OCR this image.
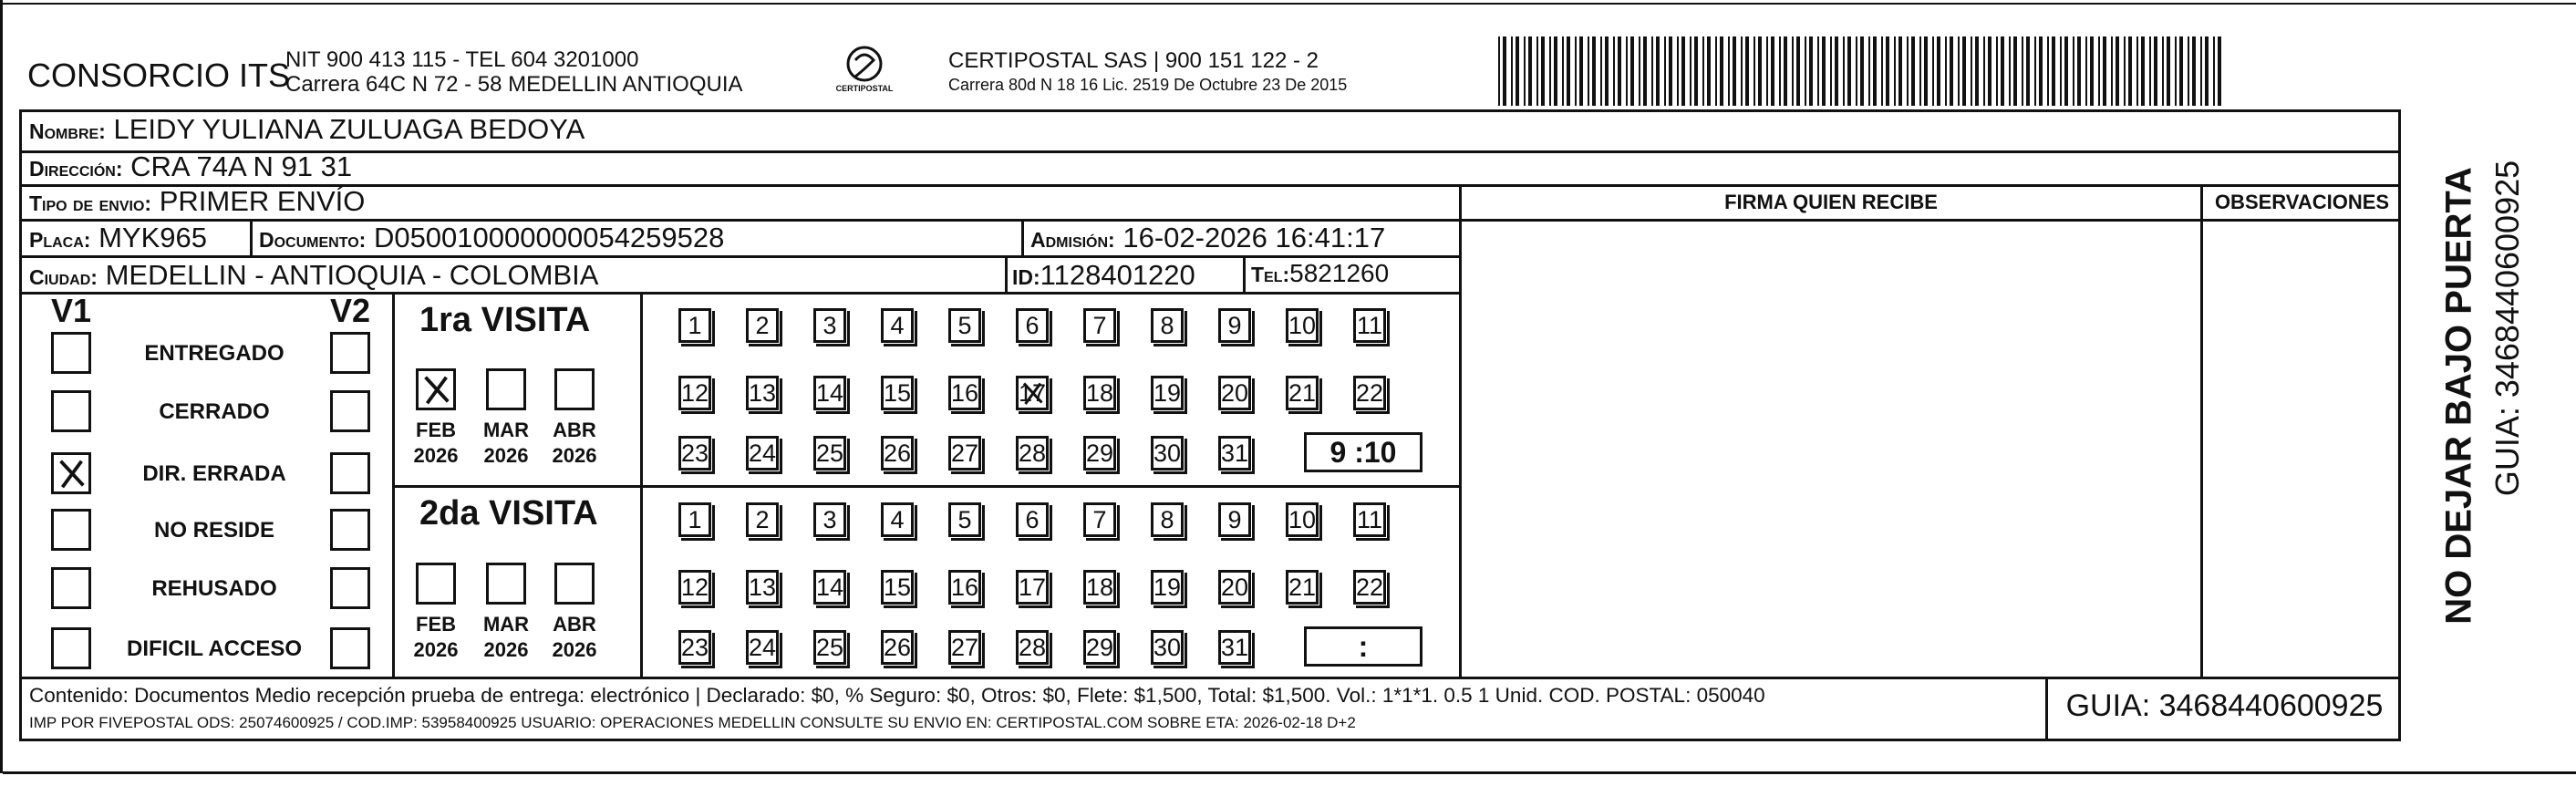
CONSORCIO ITS
NIT 900 413 115 - TEL 604 3201000
Carrera 64C N 72 - 58 MEDELLIN ANTIOQUIA	CERTIPOSTAL
CERTIPOSTAL SAS | 900 151 122 - 2
Carrera 80d N 18 16 Lic. 2519 De Octubre 23 De 2015
Nombre: LEIDY YULIANA ZULUAGA BEDOYA
Dirección: CRA 74A N 91 31
Tipo de envio: PRIMER ENVÍO	FIRMA QUIEN RECIBE	OBSERVACIONES
Placa: MYK965 Documento: D050010000000054259528	Admisión: 16-02-2026 16:41:17
Ciudad: MEDELLIN - ANTIOQUIA - COLOMBIA	ID:1128401220	Tel:5821260
V1	V2
ENTREGADO
CERRADO
DIR. ERRADA
NO RESIDE
REHUSADO
DIFICIL ACCESO
1ra VISITA
2da VISITA
FEB
2026
MAR
2026
ABR
2026
1	2	3	4	5	6	7	8	9	10 11
12 13 14 15 16 17 18 19 20 21 22
23 24 25 26 27 28 29 30 31	9 :10
FEB
2026
MAR
2026
ABR
2026
1	2	3	4	5	6	7	8	9	10 11
12 13 14 15 16 17 18 19 20 21 22
23 24 25 26 27 28 29 30 31	:
Contenido: Documentos Medio recepción prueba de entrega: electrónico | Declarado: $0, % Seguro: $0, Otros: $0, Flete: $1,500, Total: $1,500. Vol.: 1*1*1. 0.5 1 Unid. COD. POSTAL: 050040
IMP POR FIVEPOSTAL ODS: 25074600925 / COD.IMP: 53958400925 USUARIO: OPERACIONES MEDELLIN CONSULTE SU ENVIO EN: CERTIPOSTAL.COM SOBRE ETA: 2026-02-18 D+2	GUIA: 3468440600925
NO DEJAR BAJO PUERTA GUIA: 3468440600925
